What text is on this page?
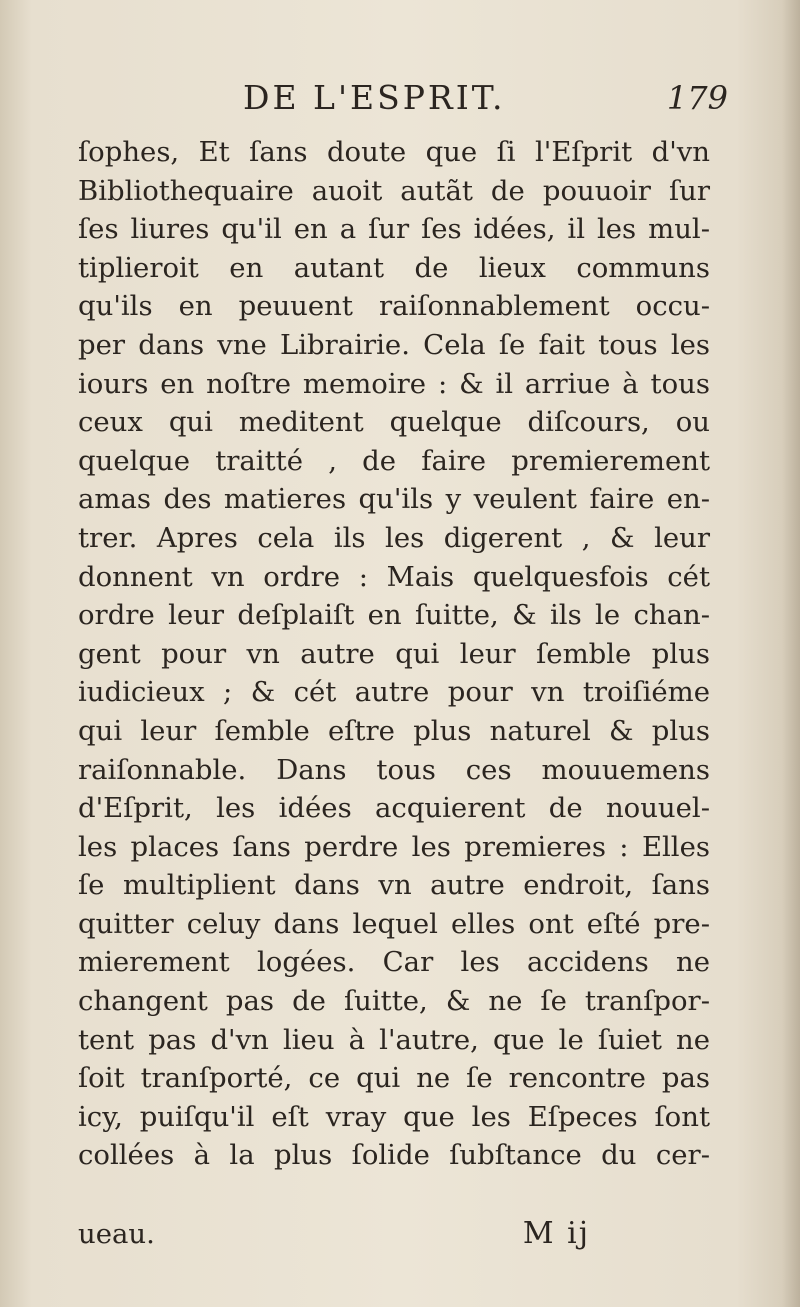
DE L'ESPRIT.	179
ſophes, Et ſans doute que ſi l'Eſprit d'vn
Bibliothequaire auoit autãt de pouuoir ſur
ſes liures qu'il en a ſur ſes idées, il les mul-
tiplieroit en autant de lieux communs
qu'ils en peuuent raiſonnablement occu-
per dans vne Librairie. Cela ſe fait tous les
iours en noſtre memoire : & il arriue à tous
ceux qui meditent quelque diſcours, ou
quelque traitté , de faire premierement
amas des matieres qu'ils y veulent faire en-
trer. Apres cela ils les digerent , & leur
donnent vn ordre : Mais quelquesfois cét
ordre leur deſplaiſt en ſuitte, & ils le chan-
gent pour vn autre qui leur ſemble plus
iudicieux ; & cét autre pour vn troiſiéme
qui leur ſemble eſtre plus naturel & plus
raiſonnable. Dans tous ces mouuemens
d'Eſprit, les idées acquierent de nouuel-
les places ſans perdre les premieres : Elles
ſe multiplient dans vn autre endroit, ſans
quitter celuy dans lequel elles ont eſté pre-
mierement logées. Car les accidens ne
changent pas de ſuitte, & ne ſe tranſpor-
tent pas d'vn lieu à l'autre, que le ſuiet ne
ſoit tranſporté, ce qui ne ſe rencontre pas
icy, puiſqu'il eſt vray que les Eſpeces ſont
collées à la plus ſolide ſubſtance du cer-
ueau.	M ij
